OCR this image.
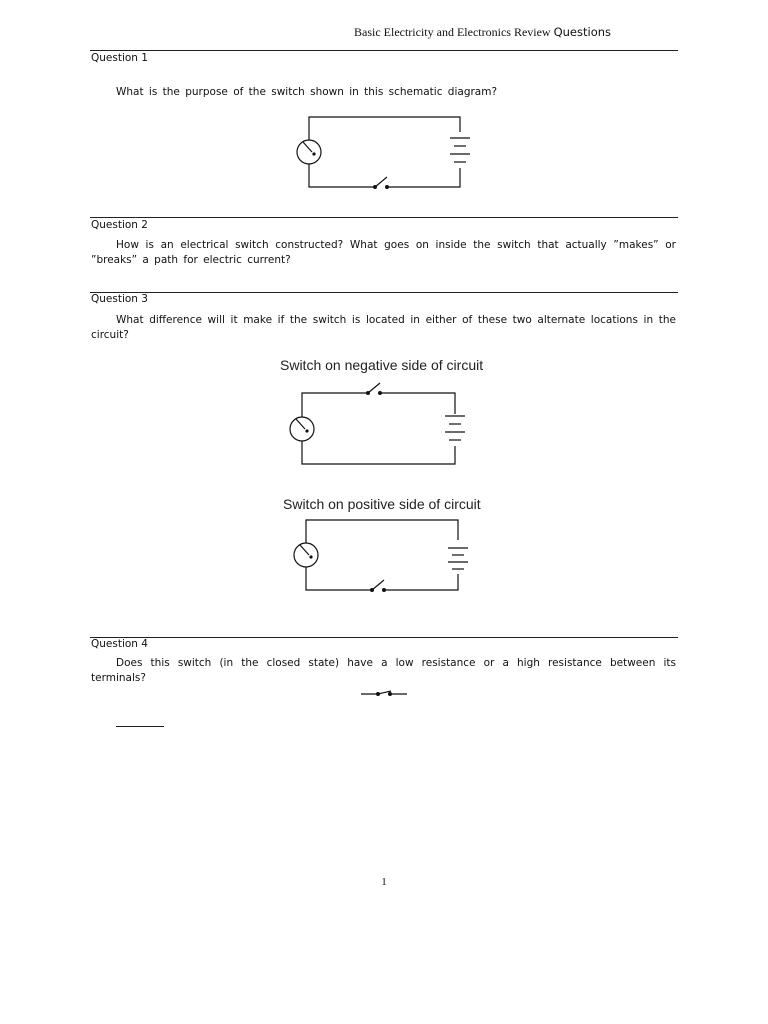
Basic Electricity and Electronics Review Questions
Question 1
What is the purpose of the switch shown in this schematic diagram?
Question 2
How is an electrical switch constructed? What goes on inside the switch that actually ”makes” or ”breaks” a path for electric current?
Question 3
What difference will it make if the switch is located in either of these two alternate locations in the circuit?
Switch on negative side of circuit
Switch on positive side of circuit
Question 4
Does this switch (in the closed state) have a low resistance or a high resistance between its terminals?
1
